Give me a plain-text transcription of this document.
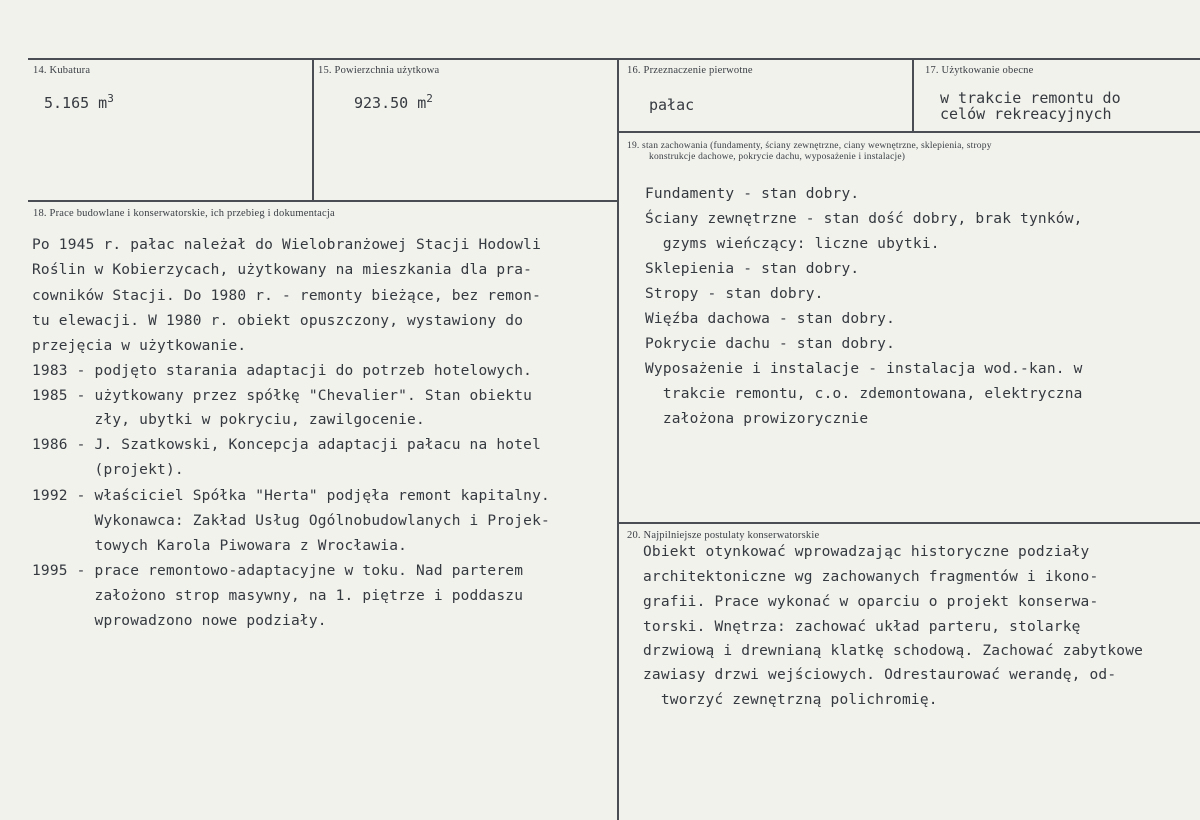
14. Kubatura
5.165 $m^3$
15. Powierzchnia użytkowa
923.50 $m^2$
16. Przeznaczenie pierwotne
pałac
17. Użytkowanie obecne
w trakcie remontu do
celów rekreacyjnych
18. Prace budowlane i konserwatorskie, ich przebieg i dokumentacja
Po 1945 r. pałac należał do Wielobranżowej Stacji Hodowli
Roślin w Kobierzycach, użytkowany na mieszkania dla pra-
cowników Stacji. Do 1980 r. - remonty bieżące, bez remon-
tu elewacji. W 1980 r. obiekt opuszczony, wystawiony do
przejęcia w użytkowanie.
1983 - podjęto starania adaptacji do potrzeb hotelowych.
1985 - użytkowany przez spółkę "Chevalier". Stan obiektu
zły, ubytki w pokryciu, zawilgocenie.
1986 - J. Szatkowski, Koncepcja adaptacji pałacu na hotel
(projekt).
1992 - właściciel Spółka "Herta" podjęła remont kapitalny.
Wykonawca: Zakład Usług Ogólnobudowlanych i Projek-
towych Karola Piwowara z Wrocławia.
1995 - prace remontowo-adaptacyjne w toku. Nad parterem
założono strop masywny, na 1. piętrze i poddaszu
wprowadzono nowe podziały.
19. stan zachowania (fundamenty, ściany zewnętrzne, ciany wewnętrzne, sklepienia, stropy
konstrukcje dachowe, pokrycie dachu, wyposażenie i instalacje)
Fundamenty - stan dobry.
Ściany zewnętrzne - stan dość dobry, brak tynków,
gzyms wieńczący: liczne ubytki.
Sklepienia - stan dobry.
Stropy - stan dobry.
Więźba dachowa - stan dobry.
Pokrycie dachu - stan dobry.
Wyposażenie i instalacje - instalacja wod.-kan. w
trakcie remontu, c.o. zdemontowana, elektryczna
założona prowizorycznie
20. Najpilniejsze postulaty konserwatorskie
Obiekt otynkować wprowadzając historyczne podziały
architektoniczne wg zachowanych fragmentów i ikono-
grafii. Prace wykonać w oparciu o projekt konserwa-
torski. Wnętrza: zachować układ parteru, stolarkę
drzwiową i drewnianą klatkę schodową. Zachować zabytkowe
zawiasy drzwi wejściowych. Odrestaurować werandę, od-
tworzyć zewnętrzną polichromię.
